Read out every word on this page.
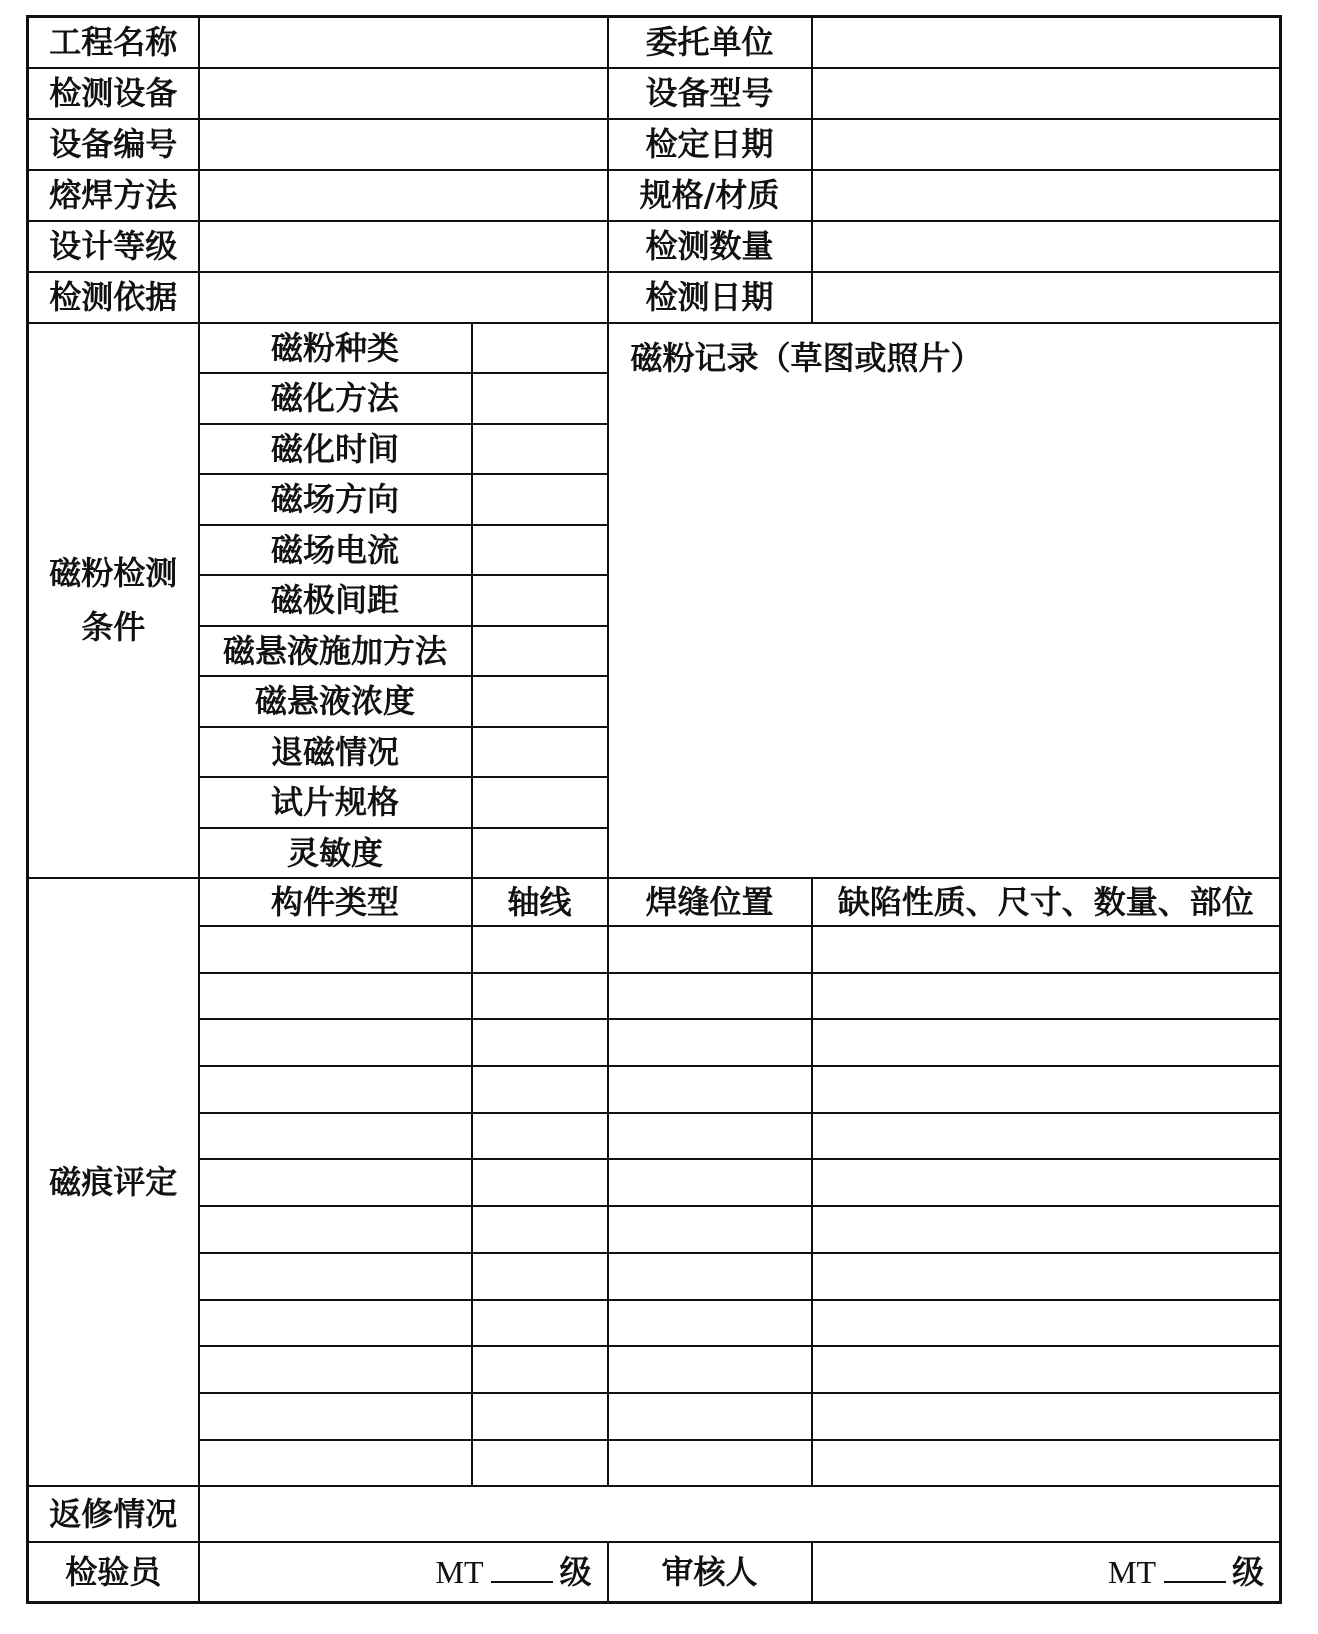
工程名称			委托单位	
检测设备			设备型号	
设备编号			检定日期	
熔焊方法			规格/材质	
设计等级			检测数量	
检测依据			检测日期	
磁粉检测
条件	磁粉种类		磁粉记录（草图或照片）	

	磁化方法			
	磁化时间			
	磁场方向			
	磁场电流			
	磁极间距			
	磁悬液施加方法			
	磁悬液浓度			
	退磁情况			
	试片规格			
	灵敏度			
磁痕评定	构件类型	轴线	焊缝位置	缺陷性质、尺寸、数量、部位

返修情况				
检验员	MT 级		审核人	MT 级
